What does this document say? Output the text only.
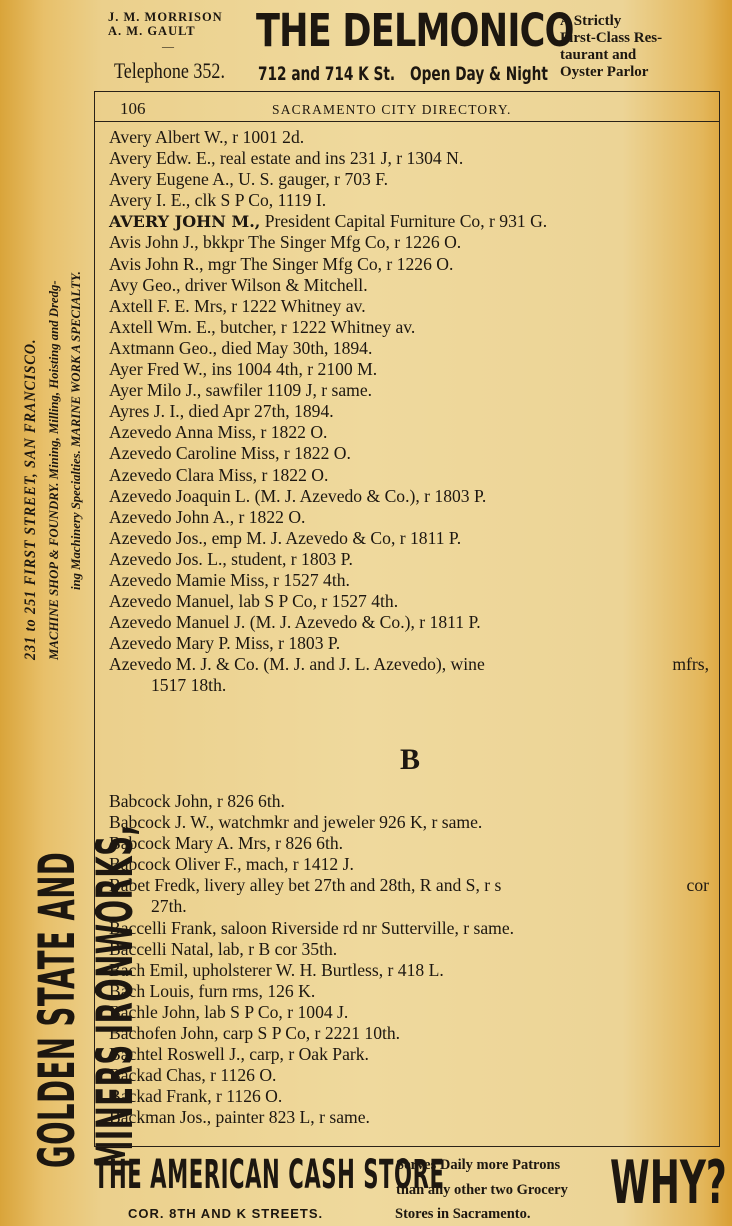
J. M. MORRISON
A. M. GAULT
— THE DELMONICO
A Strictly
First-Class Res-
taurant and
Oyster Parlor
Telephone 352. 712 and 714 K St. Open Day & Night
GOLDEN STATE AND MINERS IRONWORKS,
231 to 251 FIRST STREET, SAN FRANCISCO. MACHINE SHOP & FOUNDRY. Mining, Milling, Hoisting and Dredg- ing Machinery Specialties. MARINE WORK A SPECIALTY.
106	SACRAMENTO CITY DIRECTORY.
Avery Albert W., r 1001 2d.
Avery Edw. E., real estate and ins 231 J, r 1304 N.
Avery Eugene A., U. S. gauger, r 703 F.
Avery I. E., clk S P Co, 1119 I.
AVERY JOHN M., President Capital Furniture Co, r 931 G.
Avis John J., bkkpr The Singer Mfg Co, r 1226 O.
Avis John R., mgr The Singer Mfg Co, r 1226 O.
Avy Geo., driver Wilson & Mitchell.
Axtell F. E. Mrs, r 1222 Whitney av.
Axtell Wm. E., butcher, r 1222 Whitney av.
Axtmann Geo., died May 30th, 1894.
Ayer Fred W., ins 1004 4th, r 2100 M.
Ayer Milo J., sawfiler 1109 J, r same.
Ayres J. I., died Apr 27th, 1894.
Azevedo Anna Miss, r 1822 O.
Azevedo Caroline Miss, r 1822 O.
Azevedo Clara Miss, r 1822 O.
Azevedo Joaquin L. (M. J. Azevedo & Co.), r 1803 P.
Azevedo John A., r 1822 O.
Azevedo Jos., emp M. J. Azevedo & Co, r 1811 P.
Azevedo Jos. L., student, r 1803 P.
Azevedo Mamie Miss, r 1527 4th.
Azevedo Manuel, lab S P Co, r 1527 4th.
Azevedo Manuel J. (M. J. Azevedo & Co.), r 1811 P.
Azevedo Mary P. Miss, r 1803 P.
Azevedo M. J. & Co. (M. J. and J. L. Azevedo), wine	mfrs,
1517 18th.
B
Babcock John, r 826 6th.
Babcock J. W., watchmkr and jeweler 926 K, r same.
Babcock Mary A. Mrs, r 826 6th.
Babcock Oliver F., mach, r 1412 J.
Babet Fredk, livery alley bet 27th and 28th, R and S, r s	cor
27th.
Baccelli Frank, saloon Riverside rd nr Sutterville, r same.
Baccelli Natal, lab, r B cor 35th.
Bach Emil, upholsterer W. H. Burtless, r 418 L.
Bach Louis, furn rms, 126 K.
Bachle John, lab S P Co, r 1004 J.
Bachofen John, carp S P Co, r 2221 10th.
Bachtel Roswell J., carp, r Oak Park.
Backad Chas, r 1126 O.
Backad Frank, r 1126 O.
Backman Jos., painter 823 L, r same.
THE AMERICAN CASH STORE
Serves Daily more Patrons
than any other two Grocery WHY?
COR. 8TH AND K STREETS.	Stores in Sacramento.
